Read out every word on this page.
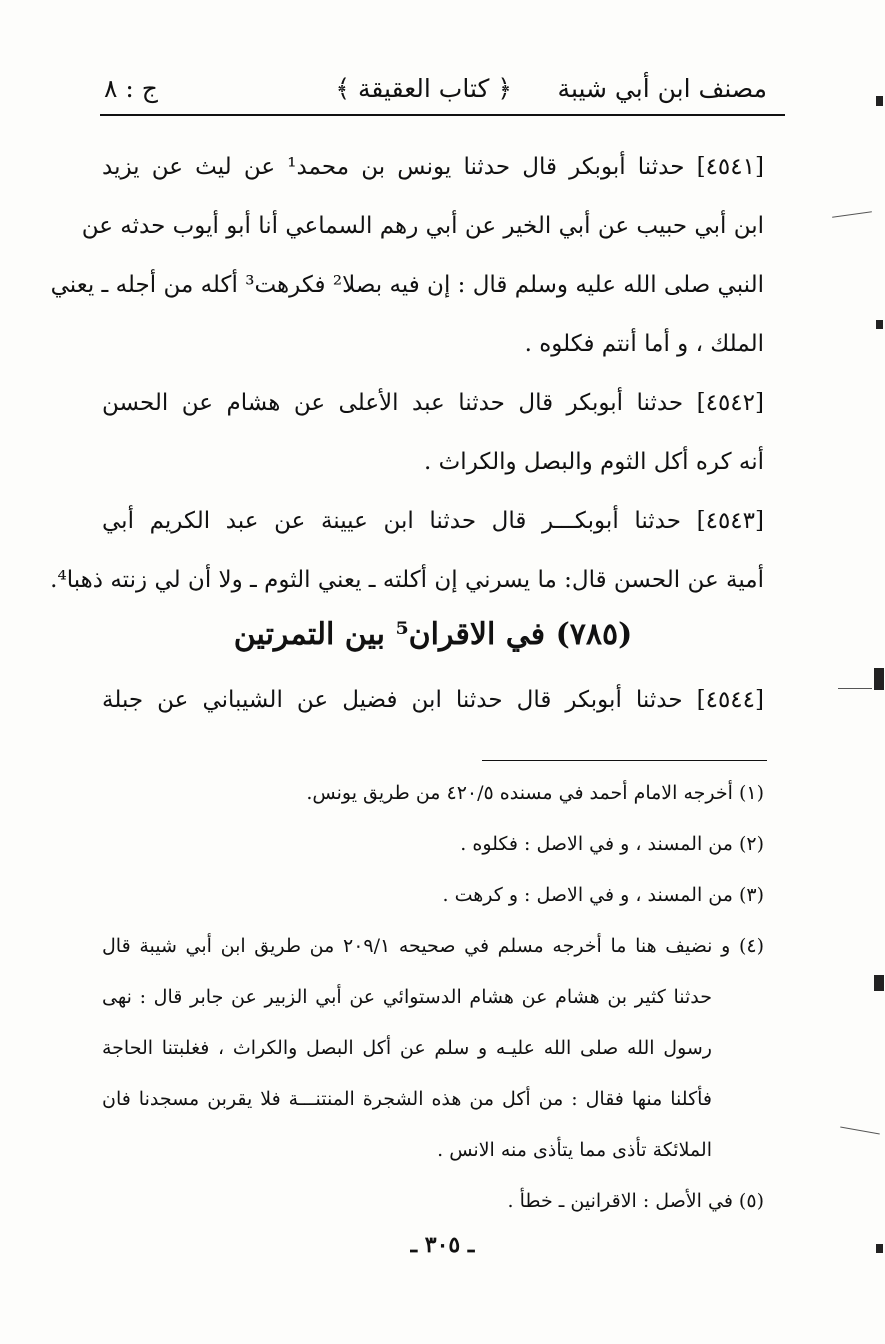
مصنف ابن أبي شيبة
﴿ كتاب العقيقة ﴾
ج : ٨
[٤٥٤١] حدثنا أبوبكر قال حدثنا يونس بن محمد¹ عن ليث عن يزيد
ابن أبي حبيب عن أبي الخير عن أبي رهم السماعي أنا أبو أيوب حدثه عن
النبي صلى الله عليه وسلم قال : إن فيه بصلا² فكرهت³ أكله من أجله ـ يعني
الملك ، و أما أنتم فكلوه .
[٤٥٤٢] حدثنا أبوبكر قال حدثنا عبد الأعلى عن هشام عن الحسن
أنه كره أكل الثوم والبصل والكراث .
[٤٥٤٣] حدثنا أبوبكـــر قال حدثنا ابن عيينة عن عبد الكريم أبي
أمية عن الحسن قال: ما يسرني إن أكلته ـ يعني الثوم ـ ولا أن لي زنته ذهبا⁴.
(٧٨٥) في الاقران⁵ بين التمرتين
[٤٥٤٤] حدثنا أبوبكر قال حدثنا ابن فضيل عن الشيباني عن جبلة
(١) أخرجه الامام أحمد في مسنده ٤٢٠/٥ من طريق يونس.
(٢) من المسند ، و في الاصل : فكلوه .
(٣) من المسند ، و في الاصل : و كرهت .
(٤) و نضيف هنا ما أخرجه مسلم في صحيحه ٢٠٩/١ من طريق ابن أبي شيبة قال
حدثنا كثير بن هشام عن هشام الدستوائي عن أبي الزبير عن جابر قال : نهى
رسول الله صلى الله عليـه و سلم عن أكل البصل والكراث ، فغلبتنا الحاجة
فأكلنا منها فقال : من أكل من هذه الشجرة المنتنـــة فلا يقربن مسجدنا فان
الملائكة تأذى مما يتأذى منه الانس .
(٥) في الأصل : الاقرانين ـ خطأ .
ـ ٣٠٥ ـ
